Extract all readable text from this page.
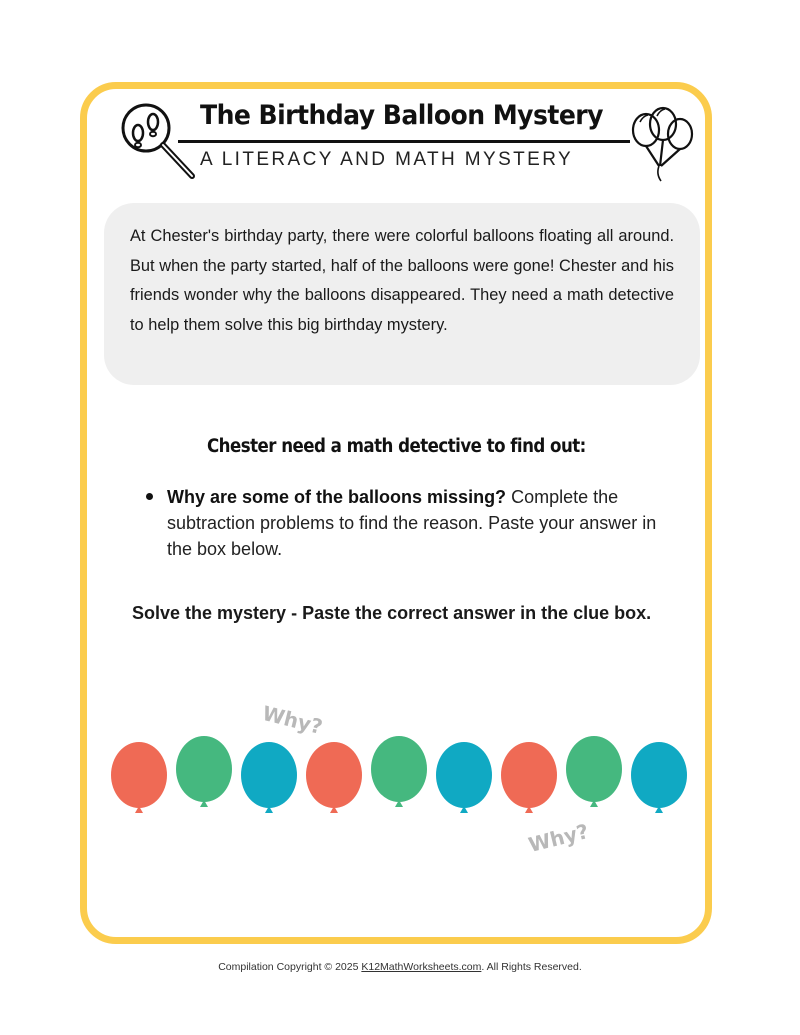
The Birthday Balloon Mystery
A LITERACY AND MATH MYSTERY

At Chester's birthday party, there were colorful balloons floating all around. But when the party started, half of the balloons were gone! Chester and his friends wonder why the balloons disappeared. They need a math detective to help them solve this big birthday mystery.

Chester need a math detective to find out:
Why are some of the balloons missing? Complete the subtraction problems to find the reason. Paste your answer in the box below.
Solve the mystery - Paste the correct answer in the clue box.
Why?
Why?
Compilation Copyright © 2025 K12MathWorksheets.com. All Rights Reserved.
